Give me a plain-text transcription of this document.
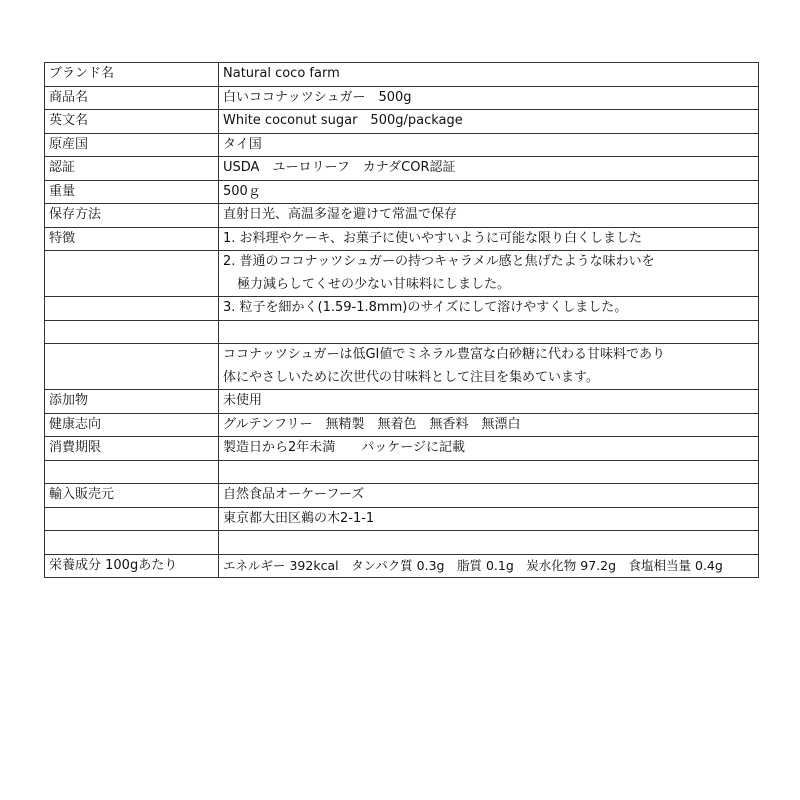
ブランド名	Natural coco farm
商品名	白いココナッツシュガー　500g
英文名	White coconut sugar　500g/package
原産国	タイ国
認証	USDA　ユーロリーフ　カナダCOR認証
重量	500ｇ
保存方法	直射日光、高温多湿を避けて常温で保存
特徴	1. お料理やケーキ、お菓子に使いやすいように可能な限り白くしました
	2. 普通のココナッツシュガーの持つキャラメル感と焦げたような味わいを
	極力減らしてくせの少ない甘味料にしました。
	3. 粒子を細かく(1.59-1.8mm)のサイズにして溶けやすくしました。

	ココナッツシュガーは低GI値でミネラル豊富な白砂糖に代わる甘味料であり
	体にやさしいために次世代の甘味料として注目を集めています。
添加物	未使用
健康志向	グルテンフリー　無精製　無着色　無香料　無漂白
消費期限	製造日から2年未満　　パッケージに記載

輸入販売元	自然食品オーケーフーズ
	東京都大田区鵜の木2-1-1

栄養成分 100gあたり	エネルギー 392kcal　タンパク質 0.3g　脂質 0.1g　炭水化物 97.2g　食塩相当量 0.4g
